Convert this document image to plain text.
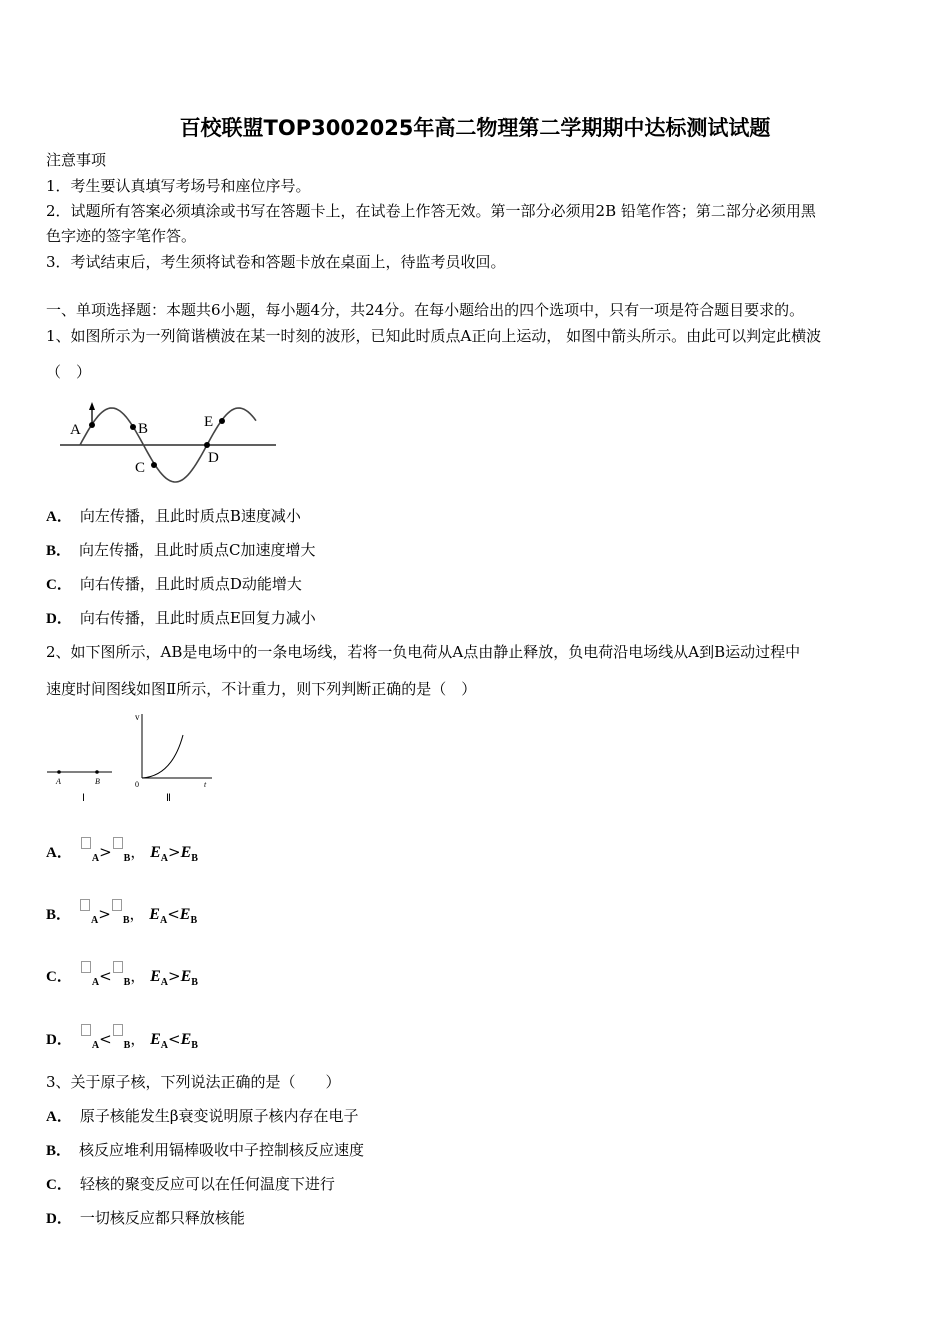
百校联盟TOP3002025年高二物理第二学期期中达标测试试题
注意事项
1．考生要认真填写考场号和座位序号。
2．试题所有答案必须填涂或书写在答题卡上，在试卷上作答无效。第一部分必须用2B 铅笔作答；第二部分必须用黑
色字迹的签字笔作答。
3．考试结束后，考生须将试卷和答题卡放在桌面上，待监考员收回。
一、单项选择题：本题共6小题，每小题4分，共24分。在每小题给出的四个选项中，只有一项是符合题目要求的。
1、如图所示为一列简谐横波在某一时刻的波形，已知此时质点A正向上运动， 如图中箭头所示。由此可以判定此横波
（　）
A	B
C
D
E
A	B
Ⅰ
v
0	t
Ⅱ
A． 向左传播，且此时质点B速度减小
B． 向左传播，且此时质点C加速度增大
C． 向右传播，且此时质点D动能增大
D． 向右传播，且此时质点E回复力减小
2、如下图所示，AB是电场中的一条电场线，若将一负电荷从A点由静止释放，负电荷沿电场线从A到B运动过程中
速度时间图线如图Ⅱ所示，不计重力，则下列判断正确的是（　）
A． $_A$> $_B$， $E_A>E_B$
B． $_A$> $_B$， $E_A<E_B$
C． $_A$< $_B$， $E_A>E_B$
D． $_A$< $_B$， $E_A<E_B$
3、关于原子核，下列说法正确的是（　　）
A． 原子核能发生β衰变说明原子核内存在电子
B． 核反应堆利用镉棒吸收中子控制核反应速度
C． 轻核的聚变反应可以在任何温度下进行
D． 一切核反应都只释放核能
